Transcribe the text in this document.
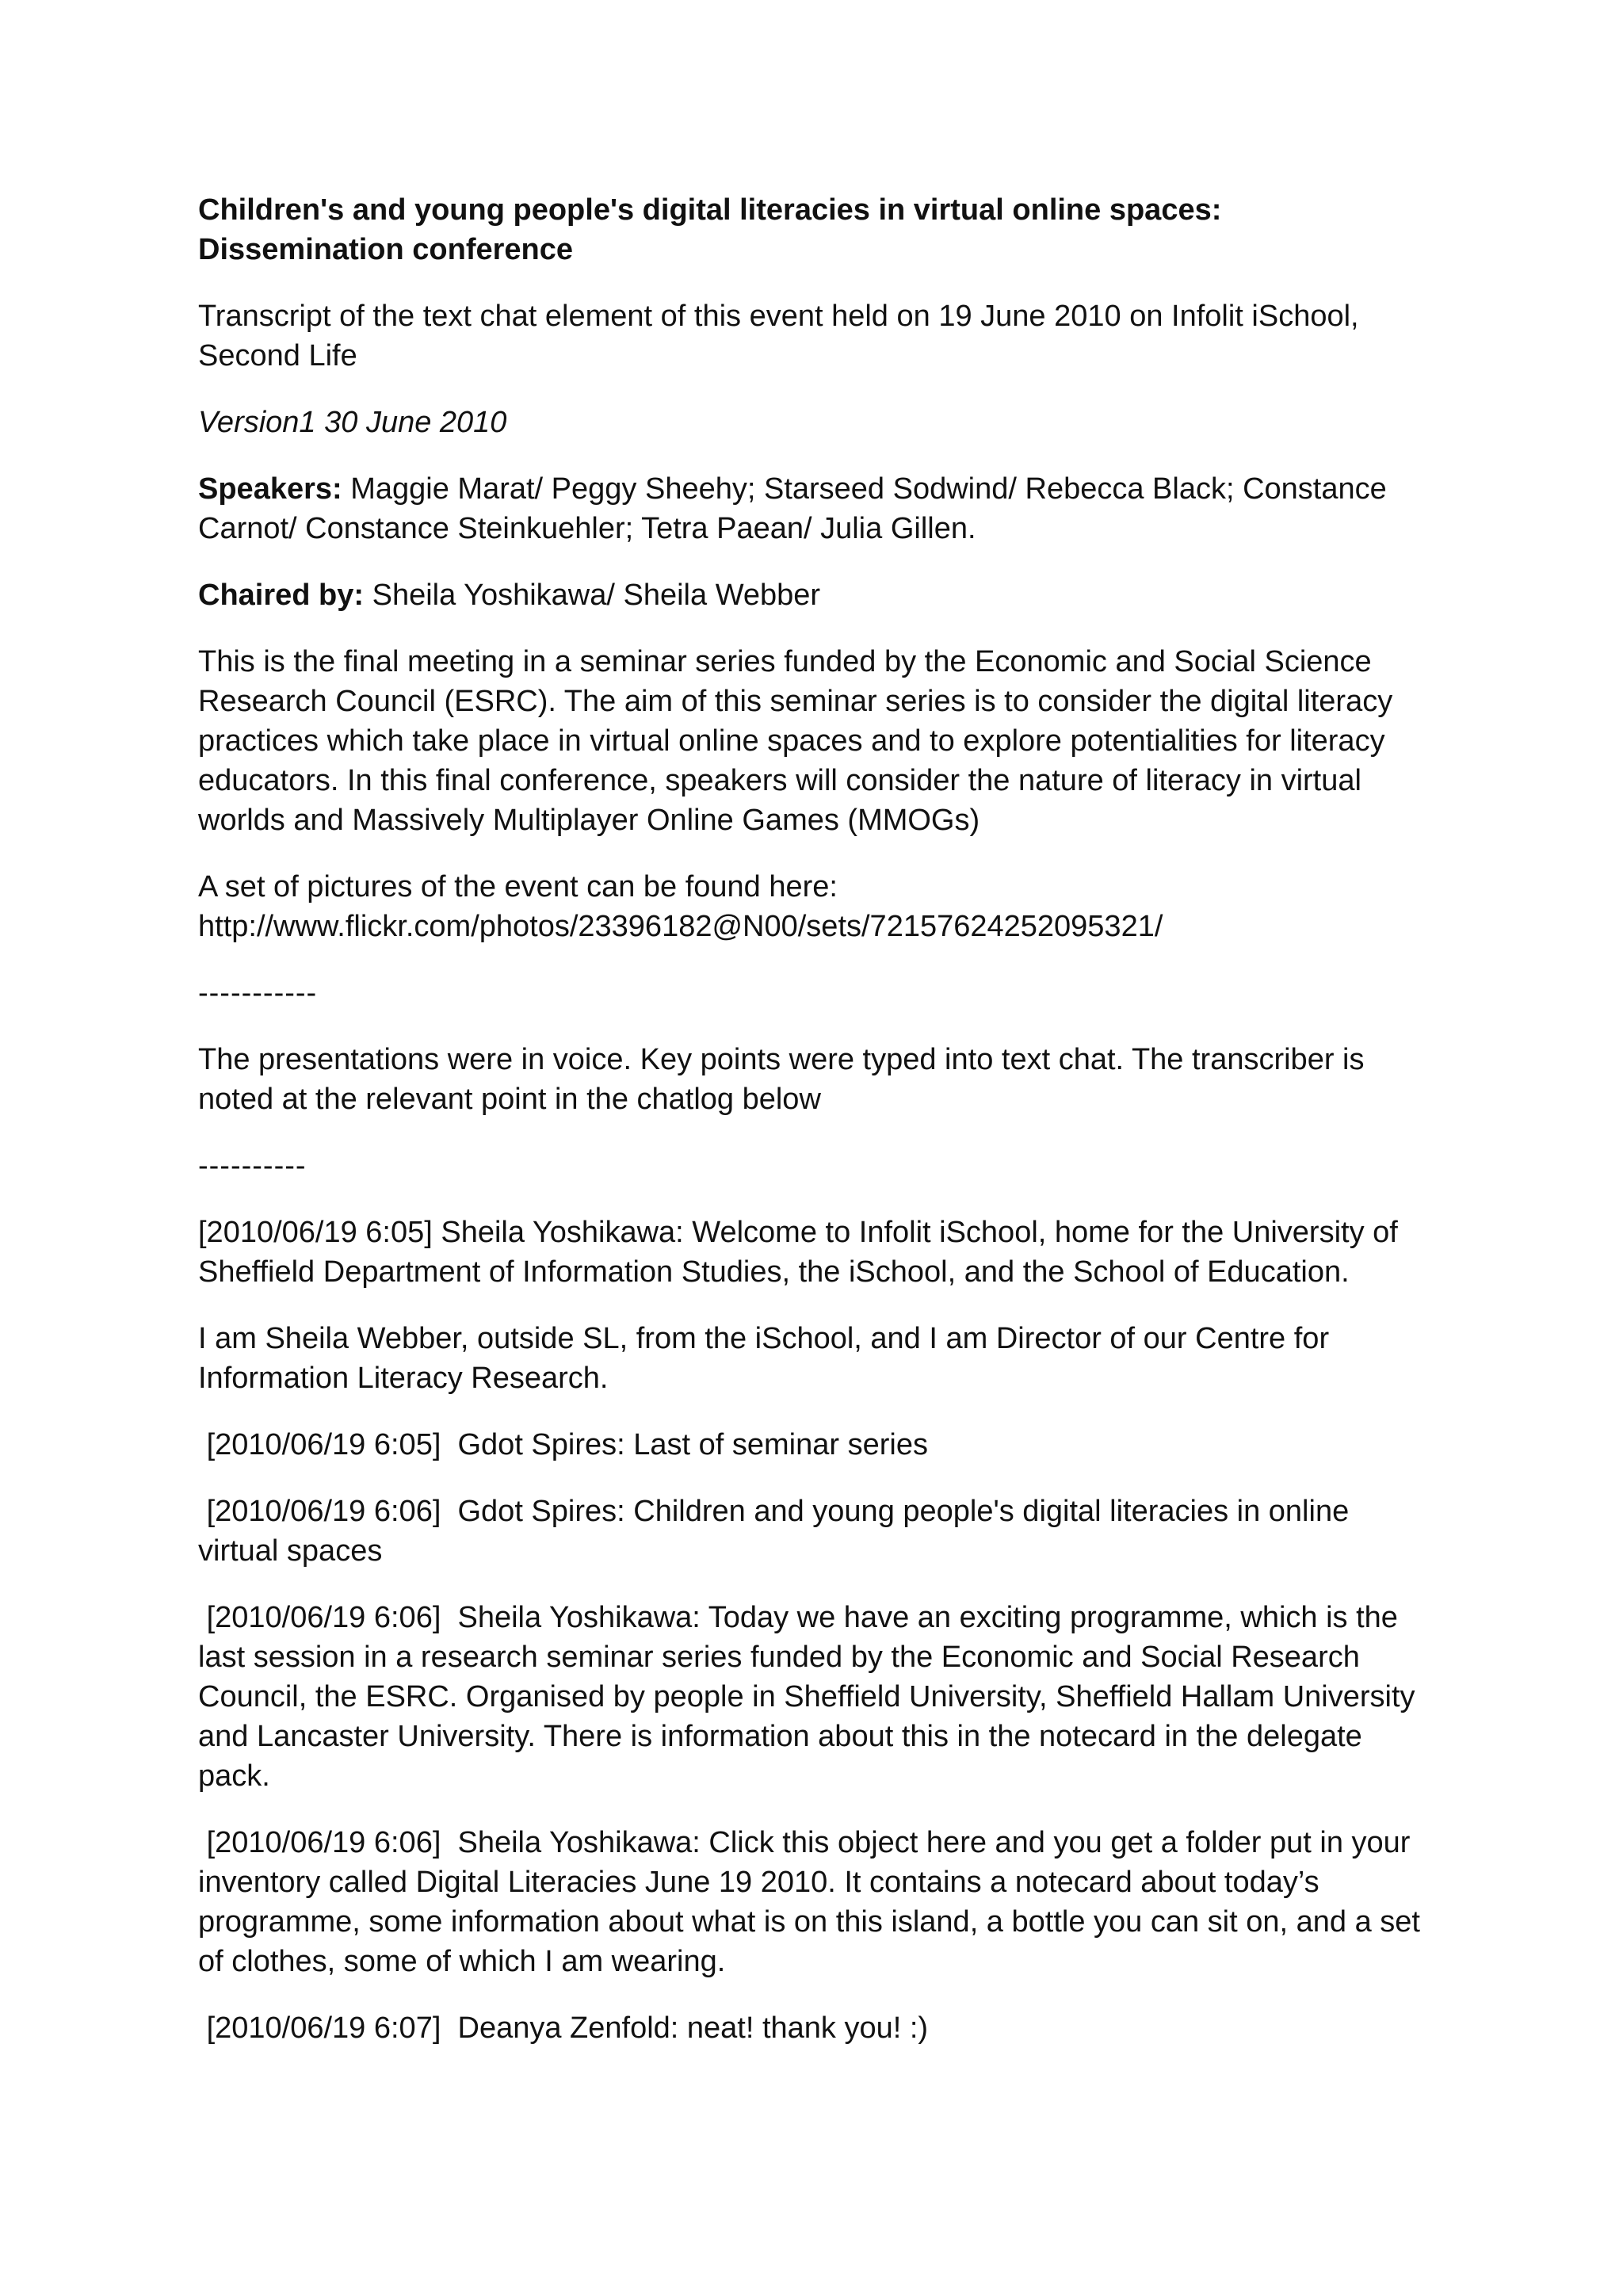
Children's and young people's digital literacies in virtual online spaces:
Dissemination conference

Transcript of the text chat element of this event held on 19 June 2010 on Infolit iSchool, Second Life

Version1 30 June 2010

Speakers: Maggie Marat/ Peggy Sheehy; Starseed Sodwind/ Rebecca Black; Constance Carnot/ Constance Steinkuehler; Tetra Paean/ Julia Gillen.

Chaired by: Sheila Yoshikawa/ Sheila Webber

This is the final meeting in a seminar series funded by the Economic and Social Science Research Council (ESRC). The aim of this seminar series is to consider the digital literacy practices which take place in virtual online spaces and to explore potentialities for literacy educators. In this final conference, speakers will consider the nature of literacy in virtual worlds and Massively Multiplayer Online Games (MMOGs)

A set of pictures of the event can be found here:
http://www.flickr.com/photos/23396182@N00/sets/72157624252095321/

-----------

The presentations were in voice. Key points were typed into text chat. The transcriber is noted at the relevant point in the chatlog below

----------

[2010/06/19 6:05] Sheila Yoshikawa: Welcome to Infolit iSchool, home for the University of Sheffield Department of Information Studies, the iSchool, and the School of Education.

I am Sheila Webber, outside SL, from the iSchool, and I am Director of our Centre for Information Literacy Research.

[2010/06/19 6:05]  Gdot Spires: Last of seminar series

[2010/06/19 6:06]  Gdot Spires: Children and young people's digital literacies in online virtual spaces

[2010/06/19 6:06]  Sheila Yoshikawa: Today we have an exciting programme, which is the last session in a research seminar series funded by the Economic and Social Research Council, the ESRC. Organised by people in Sheffield University, Sheffield Hallam University and Lancaster University. There is information about this in the notecard in the delegate pack.

[2010/06/19 6:06]  Sheila Yoshikawa: Click this object here and you get a folder put in your inventory called Digital Literacies June 19 2010. It contains a notecard about today’s programme, some information about what is on this island, a bottle you can sit on, and a set of clothes, some of which I am wearing.

[2010/06/19 6:07]  Deanya Zenfold: neat! thank you! :)
